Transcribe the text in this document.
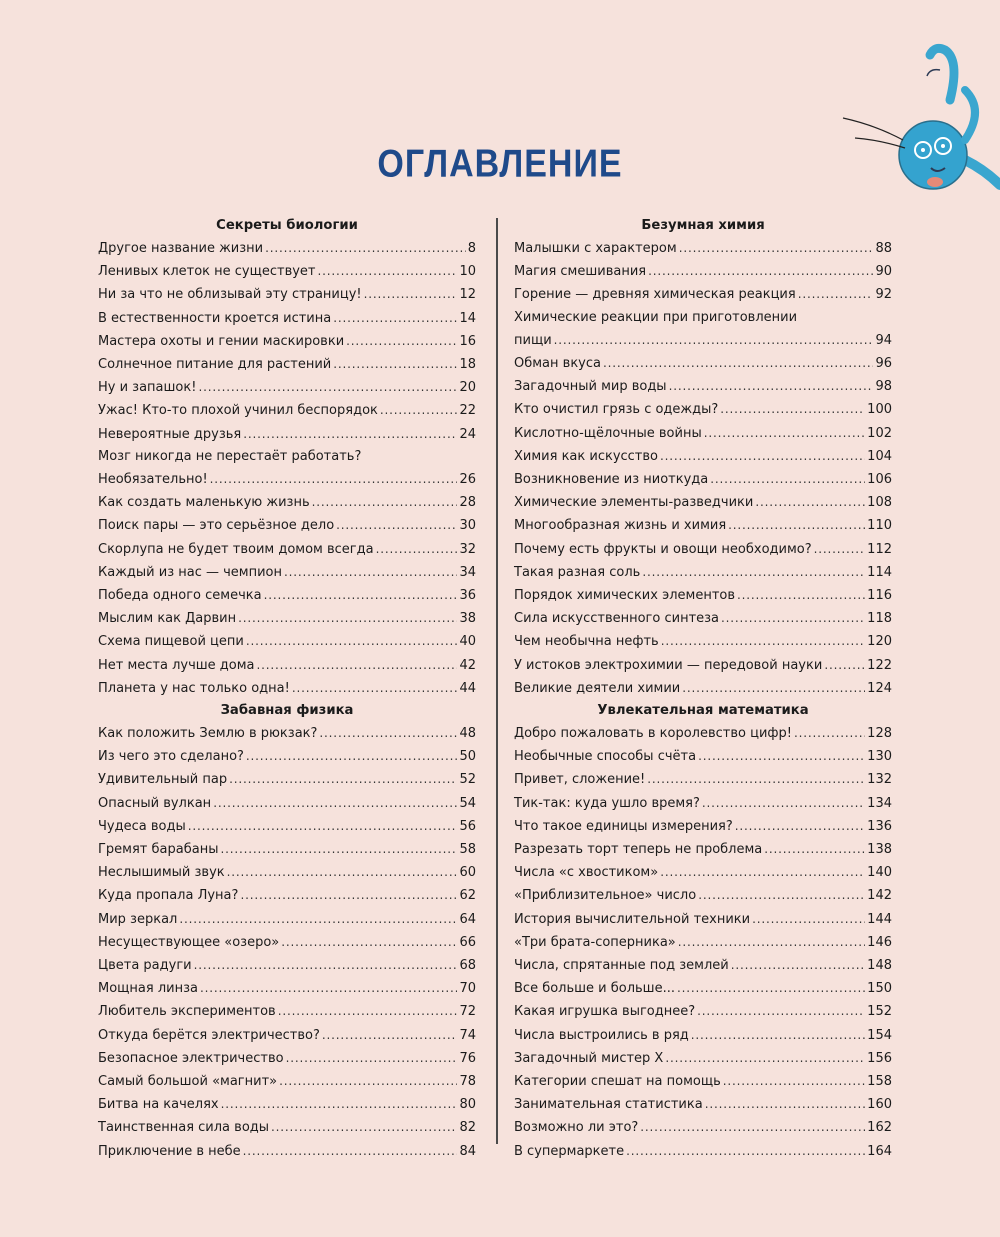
ОГЛАВЛЕНИЕ
Секреты биологии
Другое название жизни . . .	8
Ленивых клеток не существует . . .	10
Ни за что не облизывай эту страницу! . . .	12
В естественности кроется истина . . .	14
Мастера охоты и гении маскировки . . .	16
Солнечное питание для растений . . .	18
Ну и запашок! . . .	20
Ужас! Кто-то плохой учинил беспорядок . . .	22
Невероятные друзья . . .	24
Мозг никогда не перестаёт работать?
Необязательно! . . .	26
Как создать маленькую жизнь . . .	28
Поиск пары — это серьёзное дело . . .	30
Скорлупа не будет твоим домом всегда . . .	32
Каждый из нас — чемпион . . .	34
Победа одного семечка . . .	36
Мыслим как Дарвин . . .	38
Схема пищевой цепи . . .	40
Нет места лучше дома . . .	42
Планета у нас только одна! . . .	44
Забавная физика
Как положить Землю в рюкзак? . . .	48
Из чего это сделано? . . .	50
Удивительный пар . . .	52
Опасный вулкан . . .	54
Чудеса воды . . .	56
Гремят барабаны . . .	58
Неслышимый звук . . .	60
Куда пропала Луна? . . .	62
Мир зеркал . . .	64
Несуществующее «озеро» . . .	66
Цвета радуги . . .	68
Мощная линза . . .	70
Любитель экспериментов . . .	72
Откуда берётся электричество? . . .	74
Безопасное электричество . . .	76
Самый большой «магнит» . . .	78
Битва на качелях . . .	80
Таинственная сила воды . . .	82
Приключение в небе . . .	84
Безумная химия
Малышки с характером . . .	88
Магия смешивания . . .	90
Горение — древняя химическая реакция . . .	92
Химические реакции при приготовлении
пищи . . .	94
Обман вкуса . . .	96
Загадочный мир воды . . .	98
Кто очистил грязь с одежды? . . .	100
Кислотно-щёлочные войны . . .	102
Химия как искусство . . .	104
Возникновение из ниоткуда . . .	106
Химические элементы-разведчики . . .	108
Многообразная жизнь и химия . . .	110
Почему есть фрукты и овощи необходимо? . . .	112
Такая разная соль . . .	114
Порядок химических элементов . . .	116
Сила искусственного синтеза . . .	118
Чем необычна нефть . . .	120
У истоков электрохимии — передовой науки . . .	122
Великие деятели химии . . .	124
Увлекательная математика
Добро пожаловать в королевство цифр! . . .	128
Необычные способы счёта . . .	130
Привет, сложение! . . .	132
Тик-так: куда ушло время? . . .	134
Что такое единицы измерения? . . .	136
Разрезать торт теперь не проблема . . .	138
Числа «с хвостиком» . . .	140
«Приблизительное» число . . .	142
История вычислительной техники . . .	144
«Три брата-соперника» . . .	146
Числа, спрятанные под землей . . .	148
Все больше и больше... . . .	150
Какая игрушка выгоднее? . . .	152
Числа выстроились в ряд . . .	154
Загадочный мистер X . . .	156
Категории спешат на помощь . . .	158
Занимательная статистика . . .	160
Возможно ли это? . . .	162
В супермаркете . . .	164
